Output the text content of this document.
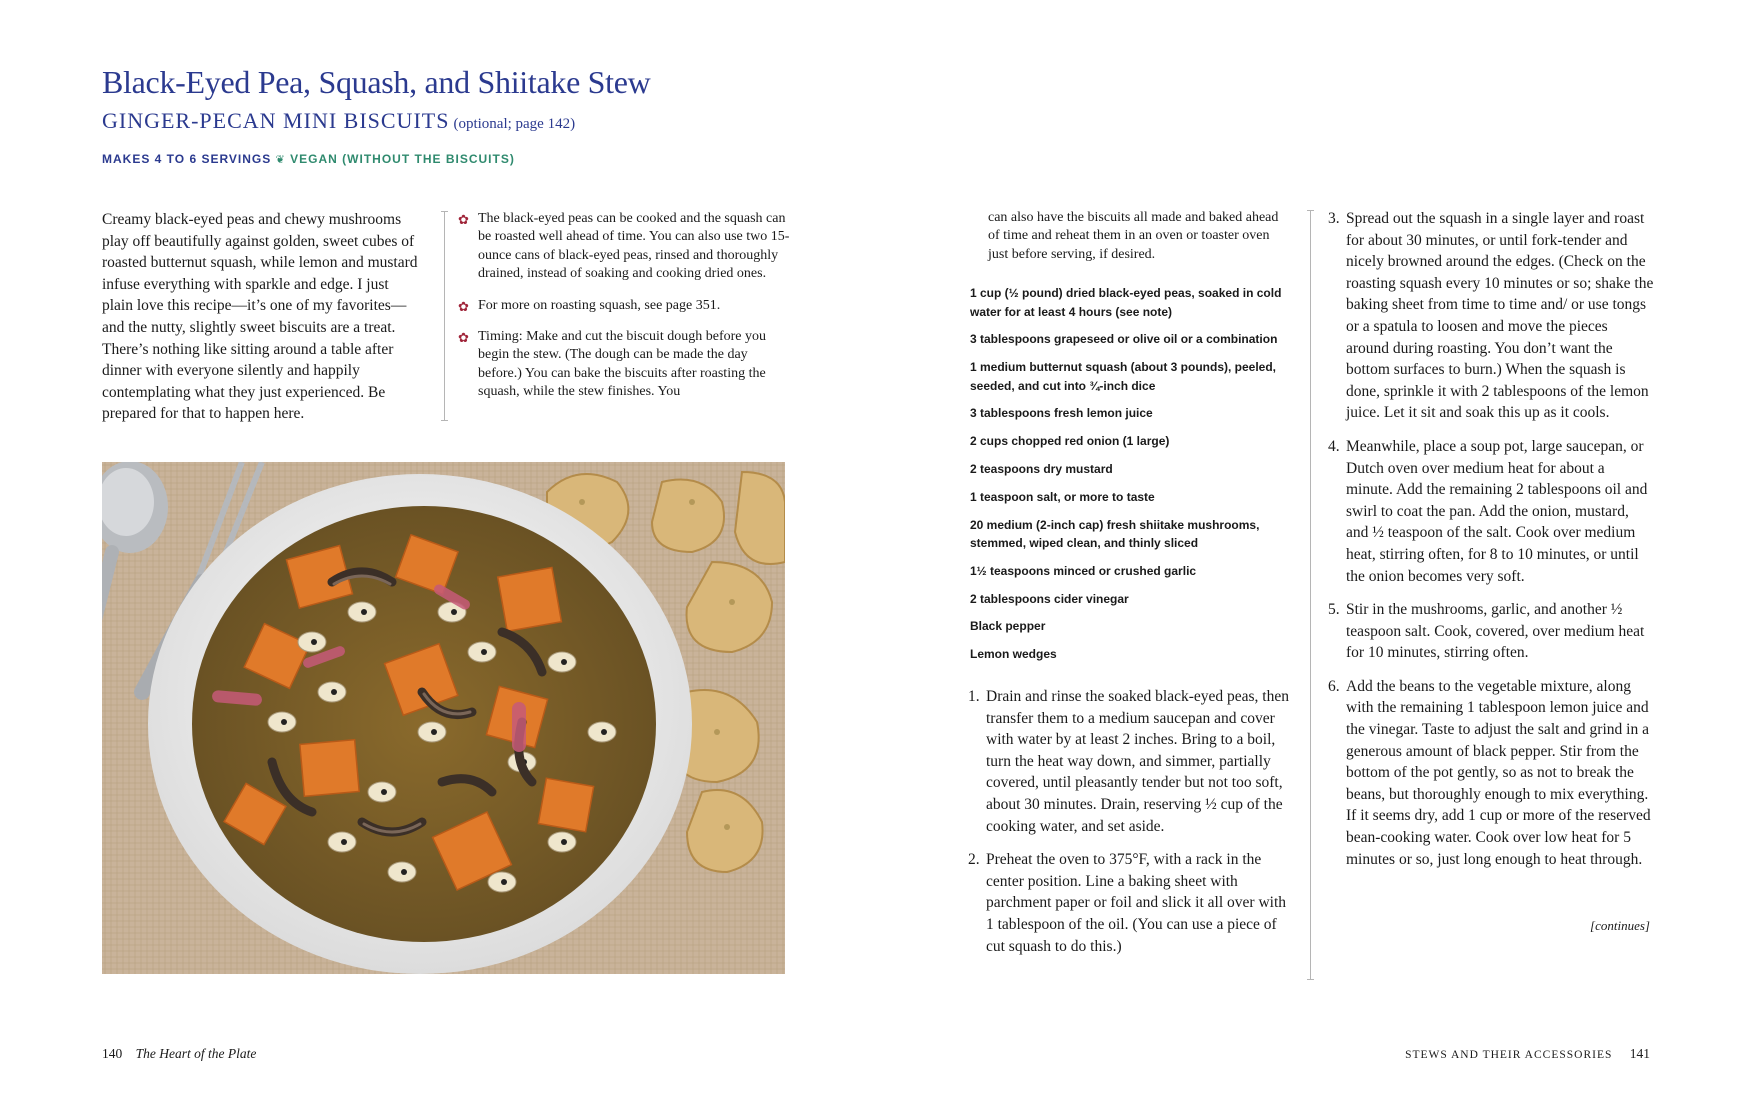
Black-Eyed Pea, Squash, and Shiitake Stew
GINGER-PECAN MINI BISCUITS (optional; page 142)
MAKES 4 TO 6 SERVINGS ❦ VEGAN (WITHOUT THE BISCUITS)

Creamy black-eyed peas and chewy mushrooms play off beautifully against golden, sweet cubes of roasted butternut squash, while lemon and mustard infuse everything with sparkle and edge. I just plain love this recipe—it’s one of my favorites—and the nutty, slightly sweet biscuits are a treat. There’s nothing like sitting around a table after dinner with everyone silently and happily contemplating what they just experienced. Be prepared for that to happen here.

✿ The black-eyed peas can be cooked and the squash can be roasted well ahead of time. You can also use two 15-ounce cans of black-eyed peas, rinsed and thoroughly drained, instead of soaking and cooking dried ones.
✿ For more on roasting squash, see page 351.
✿ Timing: Make and cut the biscuit dough before you begin the stew. (The dough can be made the day before.) You can bake the biscuits after roasting the squash, while the stew finishes. You

can also have the biscuits all made and baked ahead of time and reheat them in an oven or toaster oven just before serving, if desired.

1 cup (½ pound) dried black-eyed peas, soaked in cold water for at least 4 hours (see note)
3 tablespoons grapeseed or olive oil or a combination
1 medium butternut squash (about 3 pounds), peeled, seeded, and cut into ¾-inch dice
3 tablespoons fresh lemon juice
2 cups chopped red onion (1 large)
2 teaspoons dry mustard
1 teaspoon salt, or more to taste
20 medium (2-inch cap) fresh shiitake mushrooms, stemmed, wiped clean, and thinly sliced
1½ teaspoons minced or crushed garlic
2 tablespoons cider vinegar
Black pepper
Lemon wedges
1. Drain and rinse the soaked black-eyed peas, then transfer them to a medium saucepan and cover with water by at least 2 inches. Bring to a boil, turn the heat way down, and simmer, partially covered, until pleasantly tender but not too soft, about 30 minutes. Drain, reserving ½ cup of the cooking water, and set aside.
2. Preheat the oven to 375°F, with a rack in the center position. Line a baking sheet with parchment paper or foil and slick it all over with 1 tablespoon of the oil. (You can use a piece of cut squash to do this.)
3. Spread out the squash in a single layer and roast for about 30 minutes, or until fork-tender and nicely browned around the edges. (Check on the roasting squash every 10 minutes or so; shake the baking sheet from time to time and/ or use tongs or a spatula to loosen and move the pieces around during roasting. You don’t want the bottom surfaces to burn.) When the squash is done, sprinkle it with 2 tablespoons of the lemon juice. Let it sit and soak this up as it cools.
4. Meanwhile, place a soup pot, large saucepan, or Dutch oven over medium heat for about a minute. Add the remaining 2 tablespoons oil and swirl to coat the pan. Add the onion, mustard, and ½ teaspoon of the salt. Cook over medium heat, stirring often, for 8 to 10 minutes, or until the onion becomes very soft.
5. Stir in the mushrooms, garlic, and another ½ teaspoon salt. Cook, covered, over medium heat for 10 minutes, stirring often.
6. Add the beans to the vegetable mixture, along with the remaining 1 tablespoon lemon juice and the vinegar. Taste to adjust the salt and grind in a generous amount of black pepper. Stir from the bottom of the pot gently, so as not to break the beans, but thoroughly enough to mix everything. If it seems dry, add 1 cup or more of the reserved bean-cooking water. Cook over low heat for 5 minutes or so, just long enough to heat through.
[continues]
140 The Heart of the Plate	STEWS AND THEIR ACCESSORIES 141
